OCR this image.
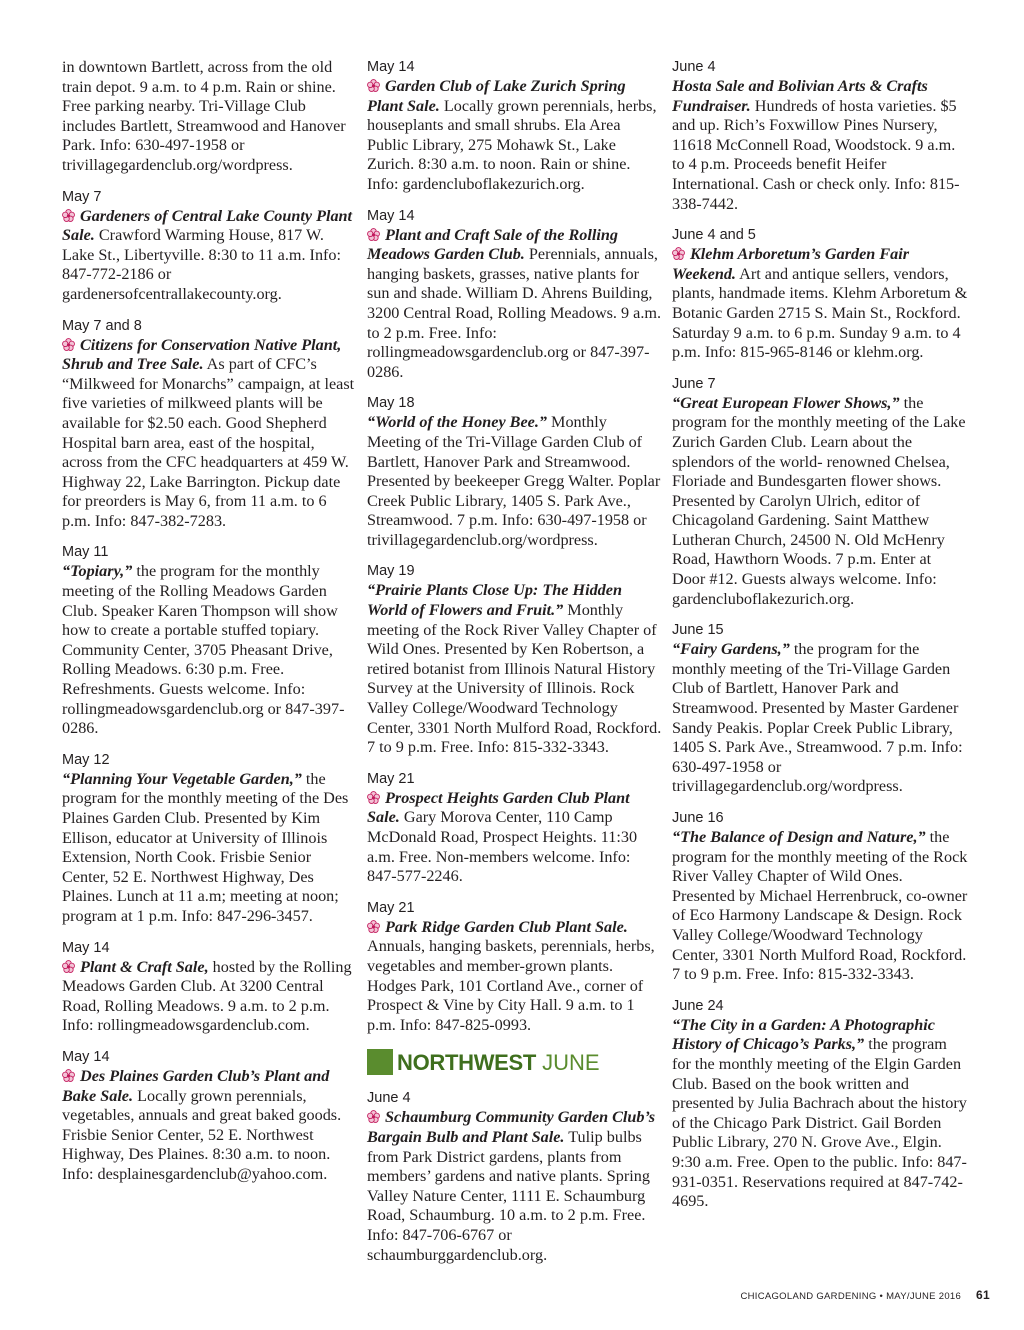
in downtown Bartlett, across from the old train depot. 9 a.m. to 4 p.m. Rain or shine. Free parking nearby. Tri-Village Club includes Bartlett, Streamwood and Hanover Park. Info: 630-497-1958 or trivillagegardenclub.org/wordpress.
May 7
Gardeners of Central Lake County Plant Sale. Crawford Warming House, 817 W. Lake St., Libertyville. 8:30 to 11 a.m. Info: 847-772-2186 or gardenersofcentrallakecounty.org.
May 7 and 8
Citizens for Conservation Native Plant, Shrub and Tree Sale. As part of CFC’s “Milkweed for Monarchs” campaign, at least five varieties of milkweed plants will be available for $2.50 each. Good Shepherd Hospital barn area, east of the hospital, across from the CFC headquarters at 459 W. Highway 22, Lake Barrington. Pickup date for preorders is May 6, from 11 a.m. to 6 p.m. Info: 847-382-7283.
May 11
“Topiary,” the program for the monthly meeting of the Rolling Meadows Garden Club. Speaker Karen Thompson will show how to create a portable stuffed topiary. Community Center, 3705 Pheasant Drive, Rolling Meadows. 6:30 p.m. Free. Refreshments. Guests welcome. Info: rollingmeadowsgardenclub.org or 847-397-0286.
May 12
“Planning Your Vegetable Garden,” the program for the monthly meeting of the Des Plaines Garden Club. Presented by Kim Ellison, educator at University of Illinois Extension, North Cook. Frisbie Senior Center, 52 E. Northwest Highway, Des Plaines. Lunch at 11 a.m; meeting at noon; program at 1 p.m. Info: 847-296-3457.
May 14
Plant & Craft Sale, hosted by the Rolling Meadows Garden Club. At 3200 Central Road, Rolling Meadows. 9 a.m. to 2 p.m. Info: rollingmeadowsgardenclub.com.
May 14
Des Plaines Garden Club’s Plant and Bake Sale. Locally grown perennials, vegetables, annuals and great baked goods. Frisbie Senior Center, 52 E. Northwest Highway, Des Plaines. 8:30 a.m. to noon. Info: desplainesgardenclub@yahoo.com.
May 14
Garden Club of Lake Zurich Spring Plant Sale. Locally grown perennials, herbs, houseplants and small shrubs. Ela Area Public Library, 275 Mohawk St., Lake Zurich. 8:30 a.m. to noon. Rain or shine. Info: gardencluboflakezurich.org.
May 14
Plant and Craft Sale of the Rolling Meadows Garden Club. Perennials, annuals, hanging baskets, grasses, native plants for sun and shade. William D. Ahrens Building, 3200 Central Road, Rolling Meadows. 9 a.m. to 2 p.m. Free. Info: rollingmeadowsgardenclub.org or 847-397-0286.
May 18
“World of the Honey Bee.” Monthly Meeting of the Tri-Village Garden Club of Bartlett, Hanover Park and Streamwood. Presented by beekeeper Gregg Walter. Poplar Creek Public Library, 1405 S. Park Ave., Streamwood. 7 p.m. Info: 630-497-1958 or trivillagegardenclub.org/wordpress.
May 19
“Prairie Plants Close Up: The Hidden World of Flowers and Fruit.” Monthly meeting of the Rock River Valley Chapter of Wild Ones. Presented by Ken Robertson, a retired botanist from Illinois Natural History Survey at the University of Illinois. Rock Valley College/Woodward Technology Center, 3301 North Mulford Road, Rockford. 7 to 9 p.m. Free. Info: 815-332-3343.
May 21
Prospect Heights Garden Club Plant Sale. Gary Morova Center, 110 Camp McDonald Road, Prospect Heights. 11:30 a.m. Free. Non-members welcome. Info: 847-577-2246.
May 21
Park Ridge Garden Club Plant Sale. Annuals, hanging baskets, perennials, herbs, vegetables and member-grown plants. Hodges Park, 101 Cortland Ave., corner of Prospect & Vine by City Hall. 9 a.m. to 1 p.m. Info: 847-825-0993.
NORTHWEST JUNE
June 4
Schaumburg Community Garden Club’s Bargain Bulb and Plant Sale. Tulip bulbs from Park District gardens, plants from members’ gardens and native plants. Spring Valley Nature Center, 1111 E. Schaumburg Road, Schaumburg. 10 a.m. to 2 p.m. Free. Info: 847-706-6767 or schaumburggardenclub.org.
June 4
Hosta Sale and Bolivian Arts & Crafts Fundraiser. Hundreds of hosta varieties. $5 and up. Rich’s Foxwillow Pines Nursery, 11618 McConnell Road, Woodstock. 9 a.m. to 4 p.m. Proceeds benefit Heifer International. Cash or check only. Info: 815-338-7442.
June 4 and 5
Klehm Arboretum’s Garden Fair Weekend. Art and antique sellers, vendors, plants, handmade items. Klehm Arboretum & Botanic Garden 2715 S. Main St., Rockford. Saturday 9 a.m. to 6 p.m. Sunday 9 a.m. to 4 p.m. Info: 815-965-8146 or klehm.org.
June 7
“Great European Flower Shows,” the program for the monthly meeting of the Lake Zurich Garden Club. Learn about the splendors of the world- renowned Chelsea, Floriade and Bundesgarten flower shows. Presented by Carolyn Ulrich, editor of Chicagoland Gardening. Saint Matthew Lutheran Church, 24500 N. Old McHenry Road, Hawthorn Woods. 7 p.m. Enter at Door #12. Guests always welcome. Info: gardencluboflakezurich.org.
June 15
“Fairy Gardens,” the program for the monthly meeting of the Tri-Village Garden Club of Bartlett, Hanover Park and Streamwood. Presented by Master Gardener Sandy Peakis. Poplar Creek Public Library, 1405 S. Park Ave., Streamwood. 7 p.m. Info: 630-497-1958 or trivillagegardenclub.org/wordpress.
June 16
“The Balance of Design and Nature,” the program for the monthly meeting of the Rock River Valley Chapter of Wild Ones. Presented by Michael Herrenbruck, co-owner of Eco Harmony Landscape & Design. Rock Valley College/Woodward Technology Center, 3301 North Mulford Road, Rockford. 7 to 9 p.m. Free. Info: 815-332-3343.
June 24
“The City in a Garden: A Photographic History of Chicago’s Parks,” the program for the monthly meeting of the Elgin Garden Club. Based on the book written and presented by Julia Bachrach about the history of the Chicago Park District. Gail Borden Public Library, 270 N. Grove Ave., Elgin. 9:30 a.m. Free. Open to the public. Info: 847-931-0351. Reservations required at 847-742-4695.
CHICAGOLAND GARDENING • MAY/JUNE 2016 61
